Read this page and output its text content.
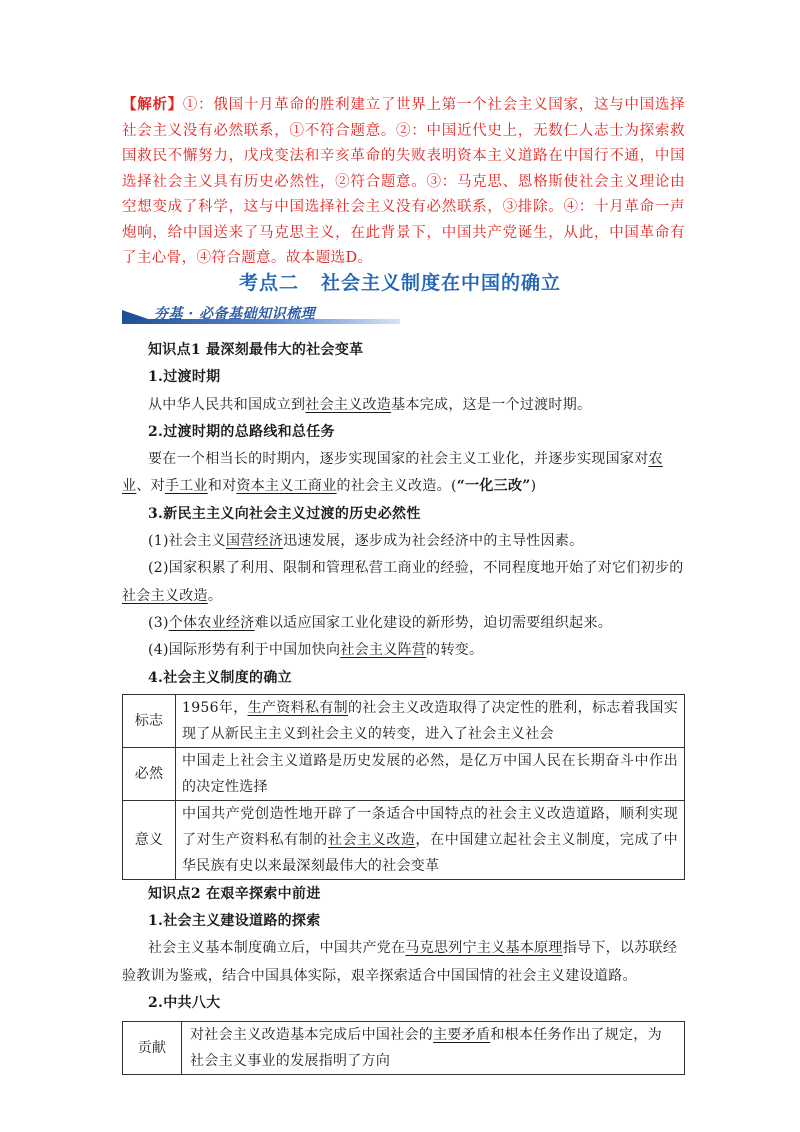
【解析】①：俄国十月革命的胜利建立了世界上第一个社会主义国家，这与中国选择社会主义没有必然联系，①不符合题意。②：中国近代史上，无数仁人志士为探索救国救民不懈努力，戊戌变法和辛亥革命的失败表明资本主义道路在中国行不通，中国选择社会主义具有历史必然性，②符合题意。③：马克思、恩格斯使社会主义理论由空想变成了科学，这与中国选择社会主义没有必然联系，③排除。④：十月革命一声炮响，给中国送来了马克思主义，在此背景下，中国共产党诞生，从此，中国革命有了主心骨，④符合题意。故本题选D。
考点二 社会主义制度在中国的确立
夯基 · 必备基础知识梳理

知识点1 最深刻最伟大的社会变革

1.过渡时期

从中华人民共和国成立到社会主义改造基本完成，这是一个过渡时期。

2.过渡时期的总路线和总任务

要在一个相当长的时期内，逐步实现国家的社会主义工业化，并逐步实现国家对农业、对手工业和对资本主义工商业的社会主义改造。(“一化三改”)

3.新民主主义向社会主义过渡的历史必然性

(1)社会主义国营经济迅速发展，逐步成为社会经济中的主导性因素。

(2)国家积累了利用、限制和管理私营工商业的经验，不同程度地开始了对它们初步的社会主义改造。

(3)个体农业经济难以适应国家工业化建设的新形势，迫切需要组织起来。

(4)国际形势有利于中国加快向社会主义阵营的转变。

4.社会主义制度的确立

标志	1956年，生产资料私有制的社会主义改造取得了决定性的胜利，标志着我国实现了从新民主主义到社会主义的转变，进入了社会主义社会
必然	中国走上社会主义道路是历史发展的必然，是亿万中国人民在长期奋斗中作出的决定性选择
意义	中国共产党创造性地开辟了一条适合中国特点的社会主义改造道路，顺利实现了对生产资料私有制的社会主义改造，在中国建立起社会主义制度，完成了中华民族有史以来最深刻最伟大的社会变革

知识点2 在艰辛探索中前进

1.社会主义建设道路的探索

社会主义基本制度确立后，中国共产党在马克思列宁主义基本原理指导下，以苏联经验教训为鉴戒，结合中国具体实际，艰辛探索适合中国国情的社会主义建设道路。

2.中共八大

贡献	对社会主义改造基本完成后中国社会的主要矛盾和根本任务作出了规定，为社会主义事业的发展指明了方向
